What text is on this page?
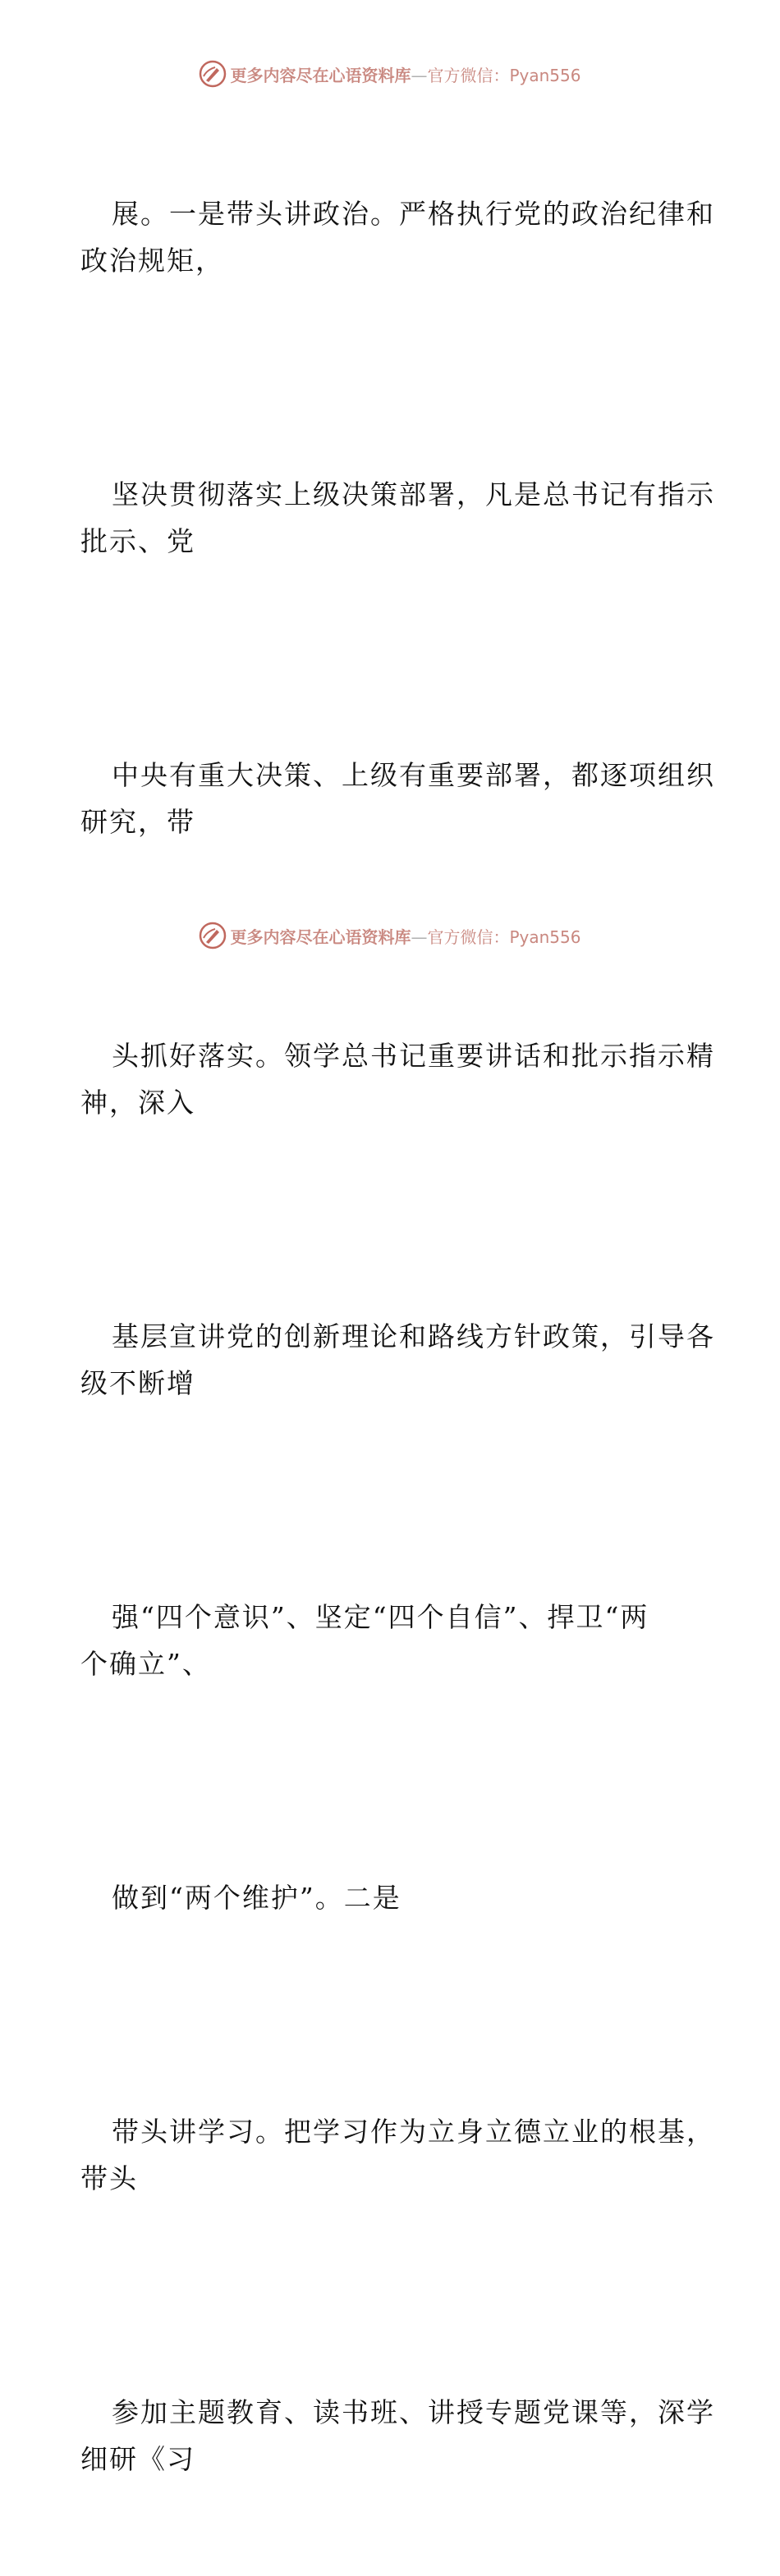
更多内容尽在心语资料库—官方微信：Pyan556

展。一是带头讲政治。严格执行党的政治纪律和
政治规矩，

坚决贯彻落实上级决策部署，凡是总书记有指示
批示、党

中央有重大决策、上级有重要部署，都逐项组织
研究，带

头抓好落实。领学总书记重要讲话和批示指示精
神，深入

基层宣讲党的创新理论和路线方针政策，引导各
级不断增

强“四个意识”、坚定“四个自信”、捍卫“两
个确立”、

做到“两个维护”。二是

带头讲学习。把学习作为立身立德立业的根基，
带头

参加主题教育、读书班、讲授专题党课等，深学
细研《习

更多内容尽在心语资料库—官方微信：Pyan556
